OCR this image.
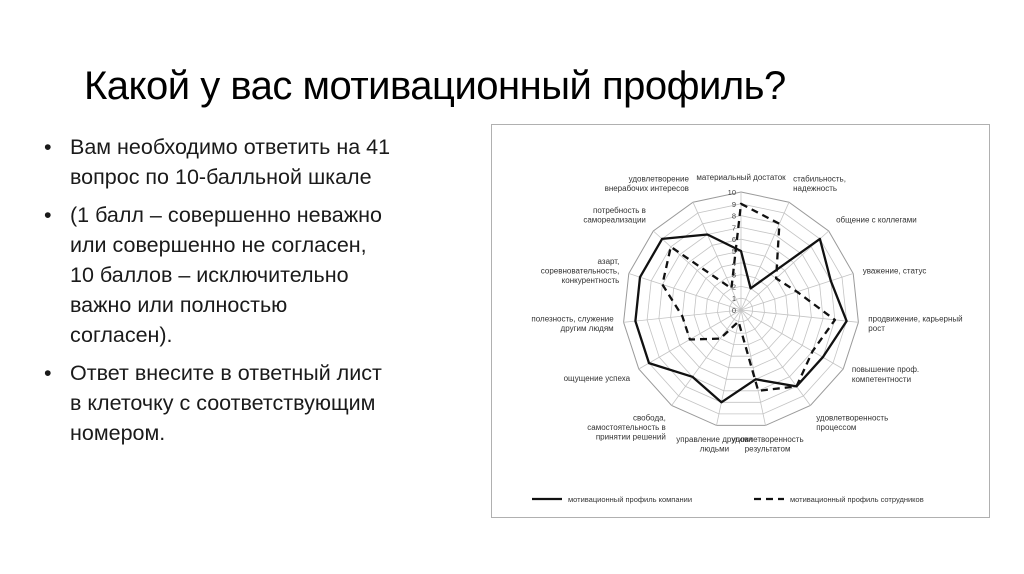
Какой у вас мотивационный профиль?
• Вам необходимо ответить на 41
вопрос по 10-балльной шкале
• (1 балл – совершенно неважно
или совершенно не согласен,
10 баллов – исключительно
важно или полностью
согласен).
• Ответ внесите в ответный лист
в клеточку с соответствующим
номером.
0
1
2
3
4
5
6
7
8
9
10
материальный достаток стабильность,
надежность
общение с коллегами
уважение, статус
продвижение, карьерный
рост
повышение проф.
компетентности
удовлетворенность
процессом
удовлетворенность
результатом
управление другими
людьми
свобода,
самостоятельность в
принятии решений
ощущение успеха
полезность, служение
другим людям
азарт,
соревновательность,
конкурентность
потребность в
самореализации
удовлетворение
внерабочих интересов
мотивационный профиль компании	мотивационный профиль сотрудников
